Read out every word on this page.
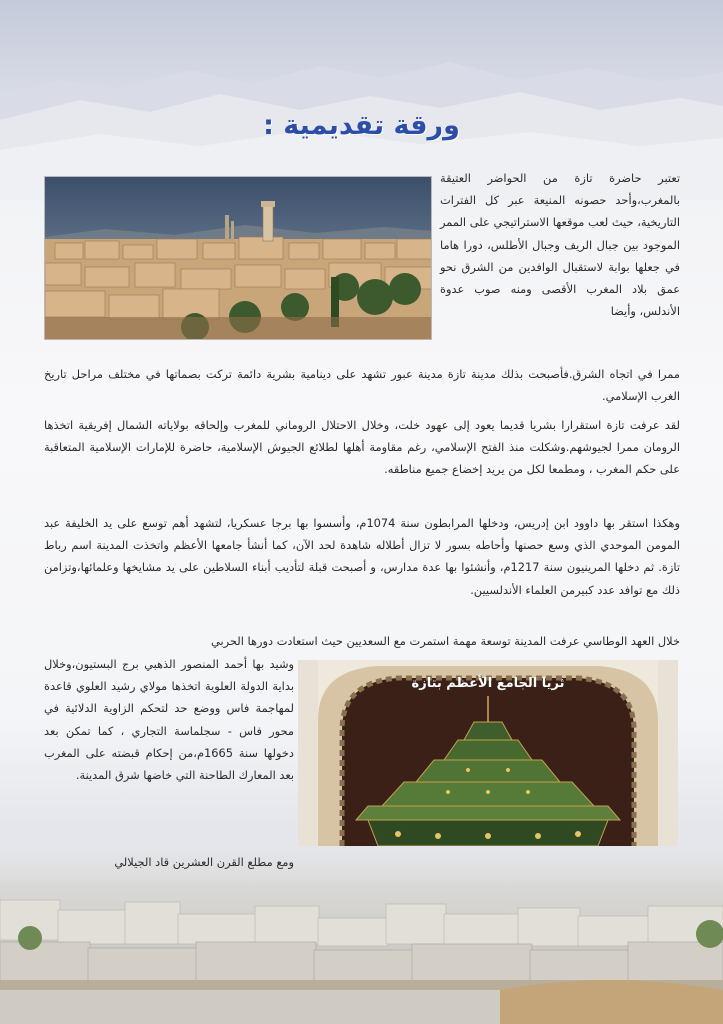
ورقة تقديمية :
ثريا الجامع الأعظم بتازة
تعتبر حاضرة تازة من الحواضر العتيقة بالمغرب،وأحد حصونه المنيعة عبر كل الفترات التاريخية، حيث لعب موقعها الاستراتيجي على الممر الموجود بين جبال الريف وجبال الأطلس، دورا هاما في جعلها بوابة لاستقبال الوافدين من الشرق نحو عمق بلاد المغرب الأقصى ومنه صوب عدوة الأندلس، وأيضا
ممرا في اتجاه الشرق.فأصبحت بذلك مدينة تازة مدينة عبور تشهد على دينامية بشرية دائمة تركت بصماتها في مختلف مراحل تاريخ الغرب الإسلامي.
لقد عرفت تازة استقرارا بشريا قديما يعود إلى عهود خلت، وخلال الاحتلال الروماني للمغرب وإلحاقه بولاياته الشمال إفريقية اتخذها الرومان ممرا لجيوشهم.وشكلت منذ الفتح الإسلامي، رغم مقاومة أهلها لطلائع الجيوش الإسلامية، حاضرة للإمارات الإسلامية المتعاقبة على حكم المغرب ، ومطمعا لكل من يريد إخضاع جميع مناطقه.
وهكذا استقر بها داوود ابن إدريس، ودخلها المرابطون سنة 1074م، وأسسوا بها برجا عسكريا، لتشهد أهم توسع على يد الخليفة عبد المومن الموحدي الذي وسع حصنها وأحاطه بسور لا تزال أطلاله شاهدة لحد الآن، كما أنشأ جامعها الأعظم واتخذت المدينة اسم رباط تازة. ثم دخلها المرينيون سنة 1217م، وأنشئوا بها عدة مدارس، و أصبحت قبلة لتأديب أبناء السلاطين على يد مشايخها وعلمائها،وتزامن ذلك مع توافد عدد كبيرمن العلماء الأندلسيين.
خلال العهد الوطاسي عرفت المدينة توسعة مهمة استمرت مع السعديين حيث استعادت دورها الحربي
وشيد بها أحمد المنصور الذهبي برج البستيون،وخلال بداية الدولة العلوية اتخذها مولاي رشيد العلوي قاعدة لمهاجمة فاس ووضع حد لتحكم الزاوية الدلائية في محور فاس - سجلماسة التجاري ، كما تمكن بعد دخولها سنة 1665م،من إحكام قبضته على المغرب بعد المعارك الطاحنة التي خاضها شرق المدينة.
ومع مطلع القرن العشرين قاد الجيلالي
